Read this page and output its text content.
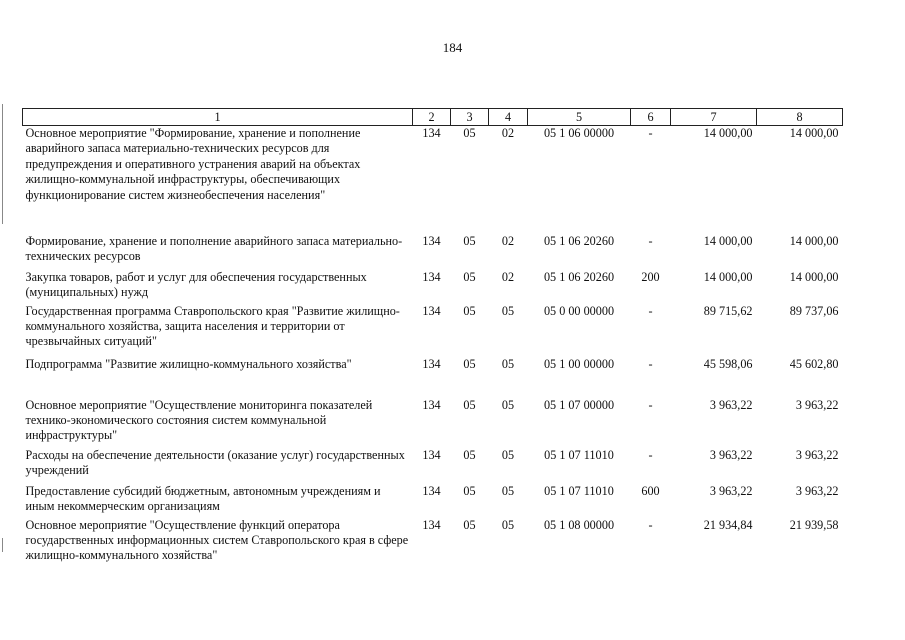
184
1	2	3	4	5	6	7	8
Основное мероприятие "Формирование, хранение и пополнение аварийного запаса материально-технических ресурсов для предупреждения и оперативного устранения аварий на объектах жилищно-коммунальной инфраструктуры, обеспечивающих функционирование систем жизнеобеспечения населения"	134	05	02	05 1 06 00000	-	14 000,00	14 000,00
Формирование, хранение и пополнение аварийного запаса материально-технических ресурсов	134	05	02	05 1 06 20260	-	14 000,00	14 000,00
Закупка товаров, работ и услуг для обеспечения государственных (муниципальных) нужд	134	05	02	05 1 06 20260	200	14 000,00	14 000,00
Государственная программа Ставропольского края "Развитие жилищно-коммунального хозяйства, защита населения и территории от чрезвычайных ситуаций"	134	05	05	05 0 00 00000	-	89 715,62	89 737,06
Подпрограмма "Развитие жилищно-коммунального хозяйства"	134	05	05	05 1 00 00000	-	45 598,06	45 602,80
Основное мероприятие "Осуществление мониторинга показателей технико-экономического состояния систем коммунальной инфраструктуры"	134	05	05	05 1 07 00000	-	3 963,22	3 963,22
Расходы на обеспечение деятельности (оказание услуг) государственных учреждений	134	05	05	05 1 07 11010	-	3 963,22	3 963,22
Предоставление субсидий бюджетным, автономным учреждениям и иным некоммерческим организациям	134	05	05	05 1 07 11010	600	3 963,22	3 963,22
Основное мероприятие "Осуществление функций оператора государственных информационных систем Ставропольского края в сфере жилищно-коммунального хозяйства"	134	05	05	05 1 08 00000	-	21 934,84	21 939,58
